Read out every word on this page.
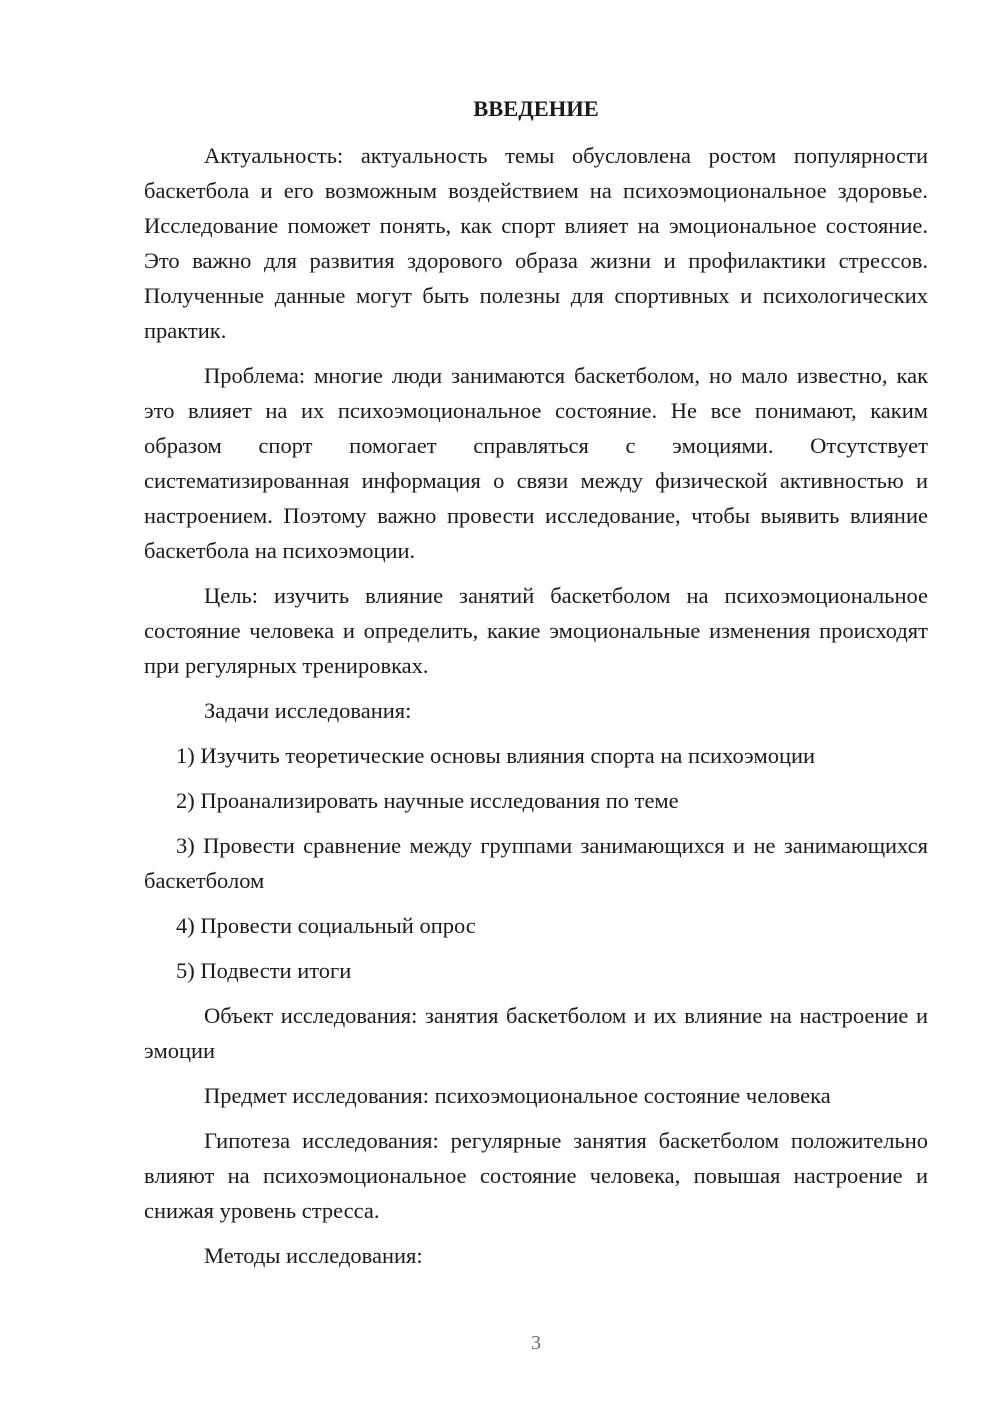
ВВЕДЕНИЕ

Актуальность: актуальность темы обусловлена ростом популярности баскетбола и его возможным воздействием на психоэмоциональное здоровье. Исследование поможет понять, как спорт влияет на эмоциональное состояние. Это важно для развития здорового образа жизни и профилактики стрессов. Полученные данные могут быть полезны для спортивных и психологических практик.

Проблема: многие люди занимаются баскетболом, но мало известно, как это влияет на их психоэмоциональное состояние. Не все понимают, каким образом спорт помогает справляться с эмоциями. Отсутствует систематизированная информация о связи между физической активностью и настроением. Поэтому важно провести исследование, чтобы выявить влияние баскетбола на психоэмоции.

Цель: изучить влияние занятий баскетболом на психоэмоциональное состояние человека и определить, какие эмоциональные изменения происходят при регулярных тренировках.

Задачи исследования:

1) Изучить теоретические основы влияния спорта на психоэмоции

2) Проанализировать научные исследования по теме

3) Провести сравнение между группами занимающихся и не занимающихся баскетболом

4) Провести социальный опрос

5) Подвести итоги

Объект исследования: занятия баскетболом и их влияние на настроение и эмоции

Предмет исследования: психоэмоциональное состояние человека

Гипотеза исследования: регулярные занятия баскетболом положительно влияют на психоэмоциональное состояние человека, повышая настроение и снижая уровень стресса.

Методы исследования:

3
